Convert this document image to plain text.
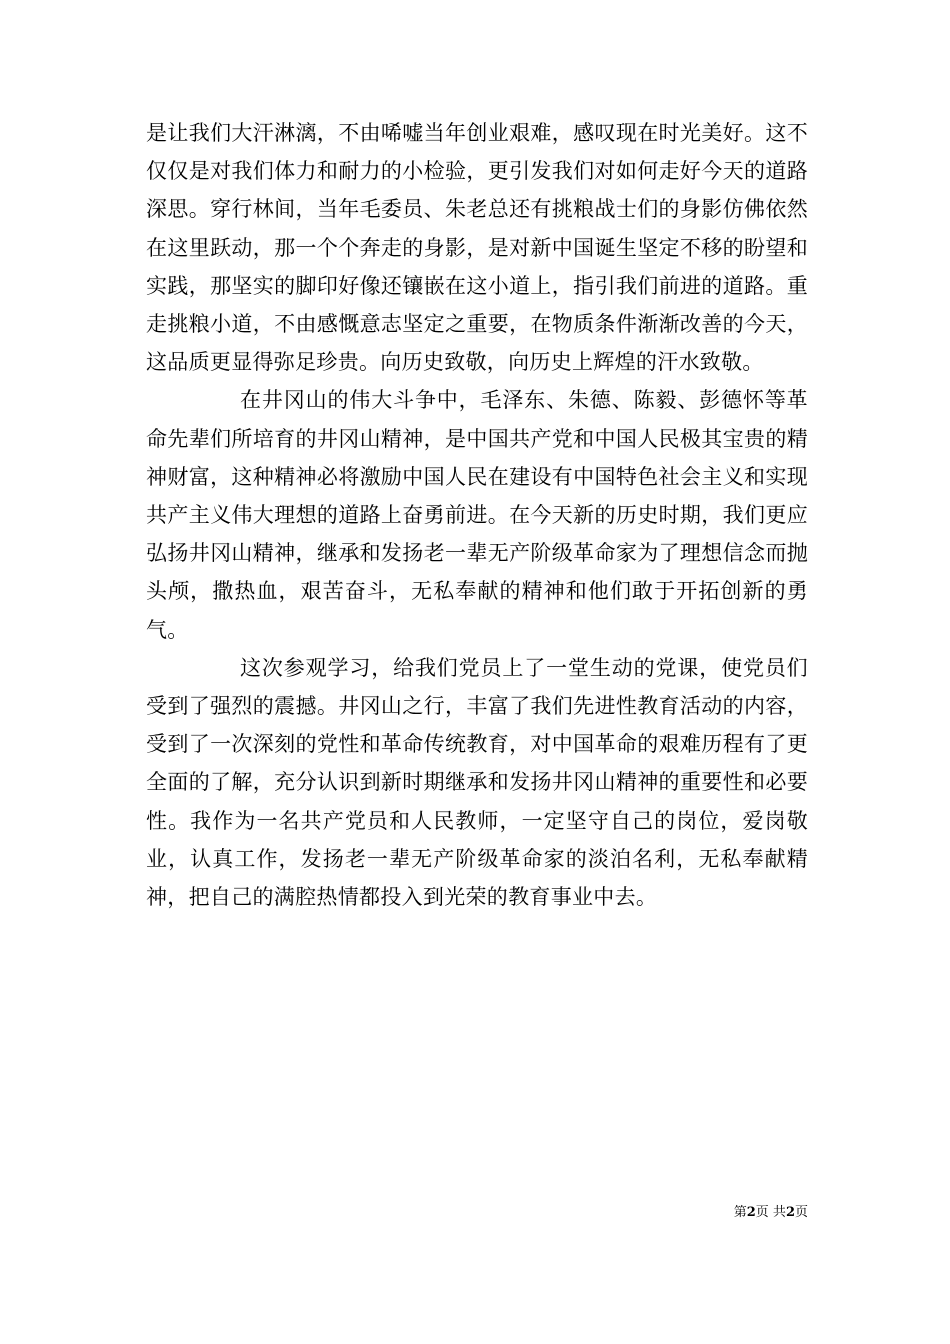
是让我们大汗淋漓，不由唏嘘当年创业艰难，感叹现在时光美好。这不仅仅是对我们体力和耐力的小检验，更引发我们对如何走好今天的道路深思。穿行林间，当年毛委员、朱老总还有挑粮战士们的身影仿佛依然在这里跃动，那一个个奔走的身影，是对新中国诞生坚定不移的盼望和实践，那坚实的脚印好像还镶嵌在这小道上，指引我们前进的道路。重走挑粮小道，不由感慨意志坚定之重要，在物质条件渐渐改善的今天，这品质更显得弥足珍贵。向历史致敬，向历史上辉煌的汗水致敬。

在井冈山的伟大斗争中，毛泽东、朱德、陈毅、彭德怀等革命先辈们所培育的井冈山精神，是中国共产党和中国人民极其宝贵的精神财富，这种精神必将激励中国人民在建设有中国特色社会主义和实现共产主义伟大理想的道路上奋勇前进。在今天新的历史时期，我们更应弘扬井冈山精神，继承和发扬老一辈无产阶级革命家为了理想信念而抛头颅，撒热血，艰苦奋斗，无私奉献的精神和他们敢于开拓创新的勇气。

这次参观学习，给我们党员上了一堂生动的党课，使党员们受到了强烈的震撼。井冈山之行，丰富了我们先进性教育活动的内容，受到了一次深刻的党性和革命传统教育，对中国革命的艰难历程有了更全面的了解，充分认识到新时期继承和发扬井冈山精神的重要性和必要性。我作为一名共产党员和人民教师，一定坚守自己的岗位，爱岗敬业，认真工作，发扬老一辈无产阶级革命家的淡泊名利，无私奉献精神，把自己的满腔热情都投入到光荣的教育事业中去。

第2页 共2页
